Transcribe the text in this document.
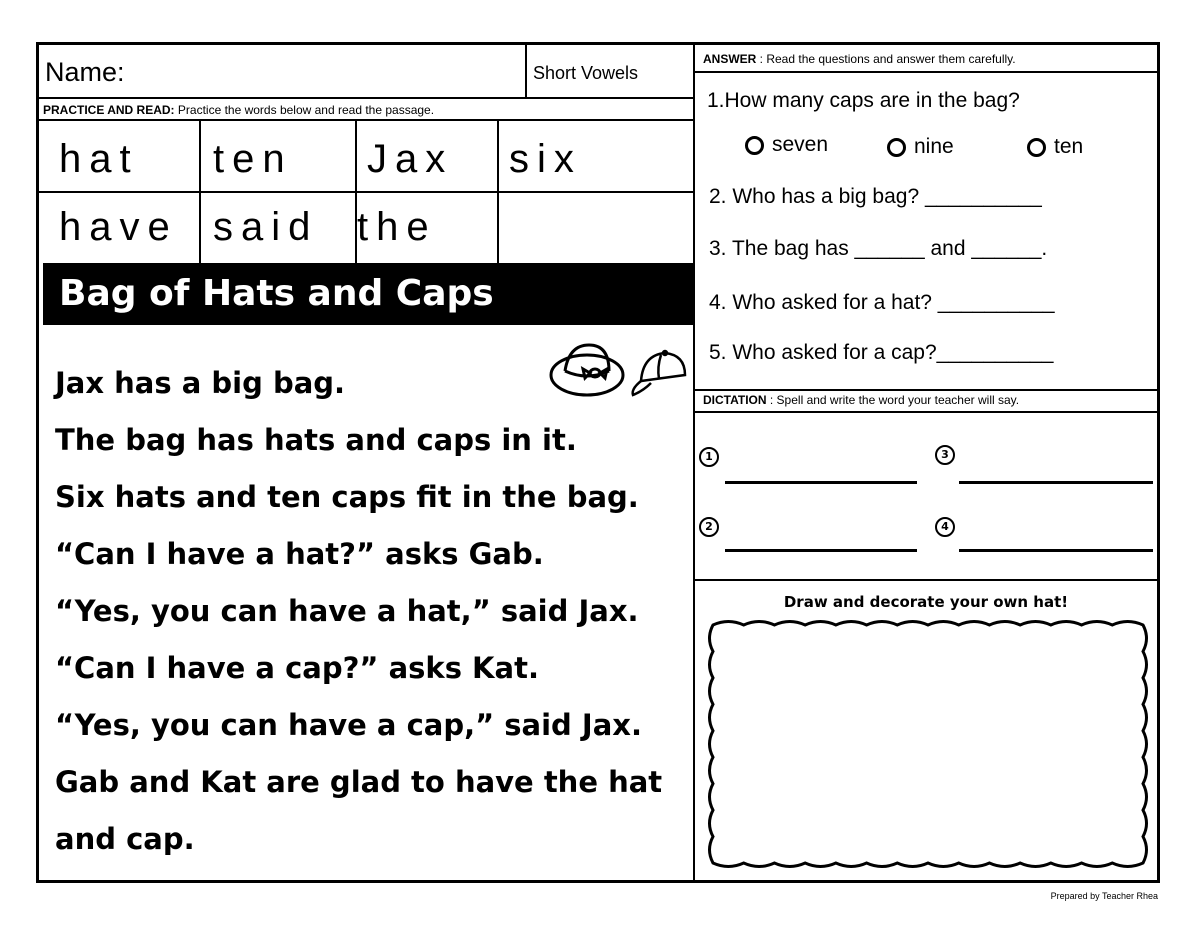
Name:	Short Vowels
PRACTICE AND READ: Practice the words below and read the passage.
hat ten Jax six
have said the
Bag of Hats and Caps
Jax has a big bag.
The bag has hats and caps in it.
Six hats and ten caps fit in the bag.
“Can I have a hat?” asks Gab.
“Yes, you can have a hat,” said Jax.
“Can I have a cap?” asks Kat.
“Yes, you can have a cap,” said Jax.
Gab and Kat are glad to have the hat
and cap.
ANSWER : Read the questions and answer them carefully.
1.How many caps are in the bag?
seven	nine	ten
2. Who has a big bag? __________
3. The bag has ______ and ______.
4. Who asked for a hat? __________
5. Who asked for a cap?__________
DICTATION : Spell and write the word your teacher will say.
1	3
2	4
Draw and decorate your own hat!
Prepared by Teacher Rhea
